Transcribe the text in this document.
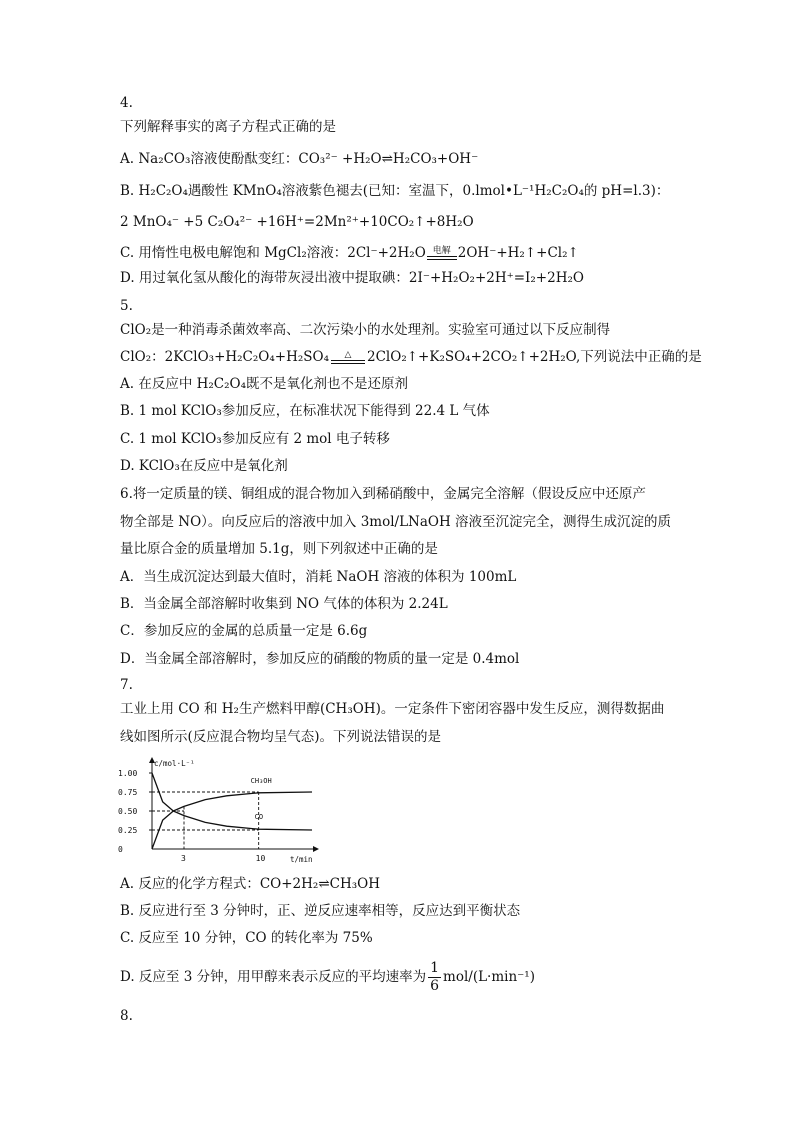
4.
下列解释事实的离子方程式正确的是
A. Na₂CO₃溶液使酚酞变红：CO₃²⁻ +H₂O⇌H₂CO₃+OH⁻
B. H₂C₂O₄遇酸性 KMnO₄溶液紫色褪去(已知：室温下，0.lmol•L⁻¹H₂C₂O₄的 pH=l.3)：
2 MnO₄⁻ +5 C₂O₄²⁻ +16H⁺=2Mn²⁺+10CO₂↑+8H₂O
C. 用惰性电极电解饱和 MgCl₂溶液：2Cl⁻+2H₂O 电解 2OH⁻+H₂↑+Cl₂↑
D. 用过氧化氢从酸化的海带灰浸出液中提取碘：2I⁻+H₂O₂+2H⁺=I₂+2H₂O
5.
ClO₂是一种消毒杀菌效率高、二次污染小的水处理剂。实验室可通过以下反应制得
ClO₂：2KClO₃+H₂C₂O₄+H₂SO₄	△	2ClO₂↑+K₂SO₄+2CO₂↑+2H₂O,下列说法中正确的是
A. 在反应中 H₂C₂O₄既不是氧化剂也不是还原剂
B. 1 mol KClO₃参加反应，在标准状况下能得到 22.4 L 气体
C. 1 mol KClO₃参加反应有 2 mol 电子转移
D. KClO₃在反应中是氧化剂
6.将一定质量的镁、铜组成的混合物加入到稀硝酸中，金属完全溶解（假设反应中还原产
物全部是 NO）。向反应后的溶液中加入 3mol/LNaOH 溶液至沉淀完全，测得生成沉淀的质
量比原合金的质量增加 5.1g，则下列叙述中正确的是
A．当生成沉淀达到最大值时，消耗 NaOH 溶液的体积为 100mL
B．当金属全部溶解时收集到 NO 气体的体积为 2.24L
C．参加反应的金属的总质量一定是 6.6g
D．当金属全部溶解时，参加反应的硝酸的物质的量一定是 0.4mol
7.
工业上用 CO 和 H₂生产燃料甲醇(CH₃OH)。一定条件下密闭容器中发生反应，测得数据曲
线如图所示(反应混合物均呈气态)。下列说法错误的是
1.00
0.75
0.50
0.25
0
3	10
c/mol·L⁻¹
t/min
CH₃OH
CO
A. 反应的化学方程式：CO+2H₂⇌CH₃OH
B. 反应进行至 3 分钟时，正、逆反应速率相等，反应达到平衡状态
C. 反应至 10 分钟，CO 的转化率为 75%
D. 反应至 3 分钟，用甲醇来表示反应的平均速率为 $\frac{1}{6} mol/(L\cdot\min^{-1})$
8.
